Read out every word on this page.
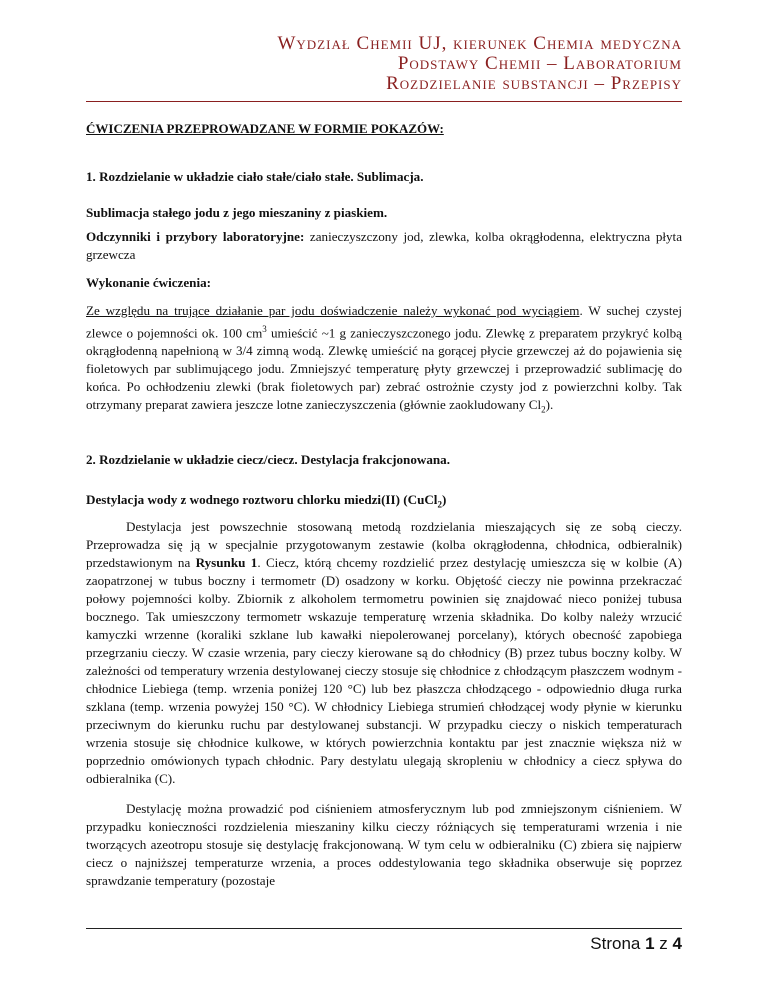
Wydział Chemii UJ, kierunek Chemia medyczna
Podstawy Chemii – Laboratorium
Rozdzielanie substancji – Przepisy
ĆWICZENIA PRZEPROWADZANE W FORMIE POKAZÓW:
1. Rozdzielanie w układzie ciało stałe/ciało stałe. Sublimacja.
Sublimacja stałego jodu z jego mieszaniny z piaskiem.
Odczynniki i przybory laboratoryjne: zanieczyszczony jod, zlewka, kolba okrągłodenna, elektryczna płyta grzewcza
Wykonanie ćwiczenia:
Ze względu na trujące działanie par jodu doświadczenie należy wykonać pod wyciągiem. W suchej czystej zlewce o pojemności ok. 100 $cm^3$ umieścić ~1 g zanieczyszczonego jodu. Zlewkę z preparatem przykryć kolbą okrągłodenną napełnioną w 3/4 zimną wodą. Zlewkę umieścić na gorącej płycie grzewczej aż do pojawienia się fioletowych par sublimującego jodu. Zmniejszyć temperaturę płyty grzewczej i przeprowadzić sublimację do końca. Po ochłodzeniu zlewki (brak fioletowych par) zebrać ostrożnie czysty jod z powierzchni kolby. Tak otrzymany preparat zawiera jeszcze lotne zanieczyszczenia (głównie zaokludowany $Cl_2$).
2. Rozdzielanie w układzie ciecz/ciecz. Destylacja frakcjonowana.
Destylacja wody z wodnego roztworu chlorku miedzi(II) (CuCl$_2$)
Destylacja jest powszechnie stosowaną metodą rozdzielania mieszających się ze sobą cieczy. Przeprowadza się ją w specjalnie przygotowanym zestawie (kolba okrągłodenna, chłodnica, odbieralnik) przedstawionym na Rysunku 1. Ciecz, którą chcemy rozdzielić przez destylację umieszcza się w kolbie (A) zaopatrzonej w tubus boczny i termometr (D) osadzony w korku. Objętość cieczy nie powinna przekraczać połowy pojemności kolby. Zbiornik z alkoholem termometru powinien się znajdować nieco poniżej tubusa bocznego. Tak umieszczony termometr wskazuje temperaturę wrzenia składnika. Do kolby należy wrzucić kamyczki wrzenne (koraliki szklane lub kawałki niepolerowanej porcelany), których obecność zapobiega przegrzaniu cieczy. W czasie wrzenia, pary cieczy kierowane są do chłodnicy (B) przez tubus boczny kolby. W zależności od temperatury wrzenia destylowanej cieczy stosuje się chłodnice z chłodzącym płaszczem wodnym - chłodnice Liebiega (temp. wrzenia poniżej 120 °C) lub bez płaszcza chłodzącego - odpowiednio długa rurka szklana (temp. wrzenia powyżej 150 °C). W chłodnicy Liebiega strumień chłodzącej wody płynie w kierunku przeciwnym do kierunku ruchu par destylowanej substancji. W przypadku cieczy o niskich temperaturach wrzenia stosuje się chłodnice kulkowe, w których powierzchnia kontaktu par jest znacznie większa niż w poprzednio omówionych typach chłodnic. Pary destylatu ulegają skropleniu w chłodnicy a ciecz spływa do odbieralnika (C).
Destylację można prowadzić pod ciśnieniem atmosferycznym lub pod zmniejszonym ciśnieniem. W przypadku konieczności rozdzielenia mieszaniny kilku cieczy różniących się temperaturami wrzenia i nie tworzących azeotropu stosuje się destylację frakcjonowaną. W tym celu w odbieralniku (C) zbiera się najpierw ciecz o najniższej temperaturze wrzenia, a proces oddestylowania tego składnika obserwuje się poprzez sprawdzanie temperatury (pozostaje
Strona 1 z 4
